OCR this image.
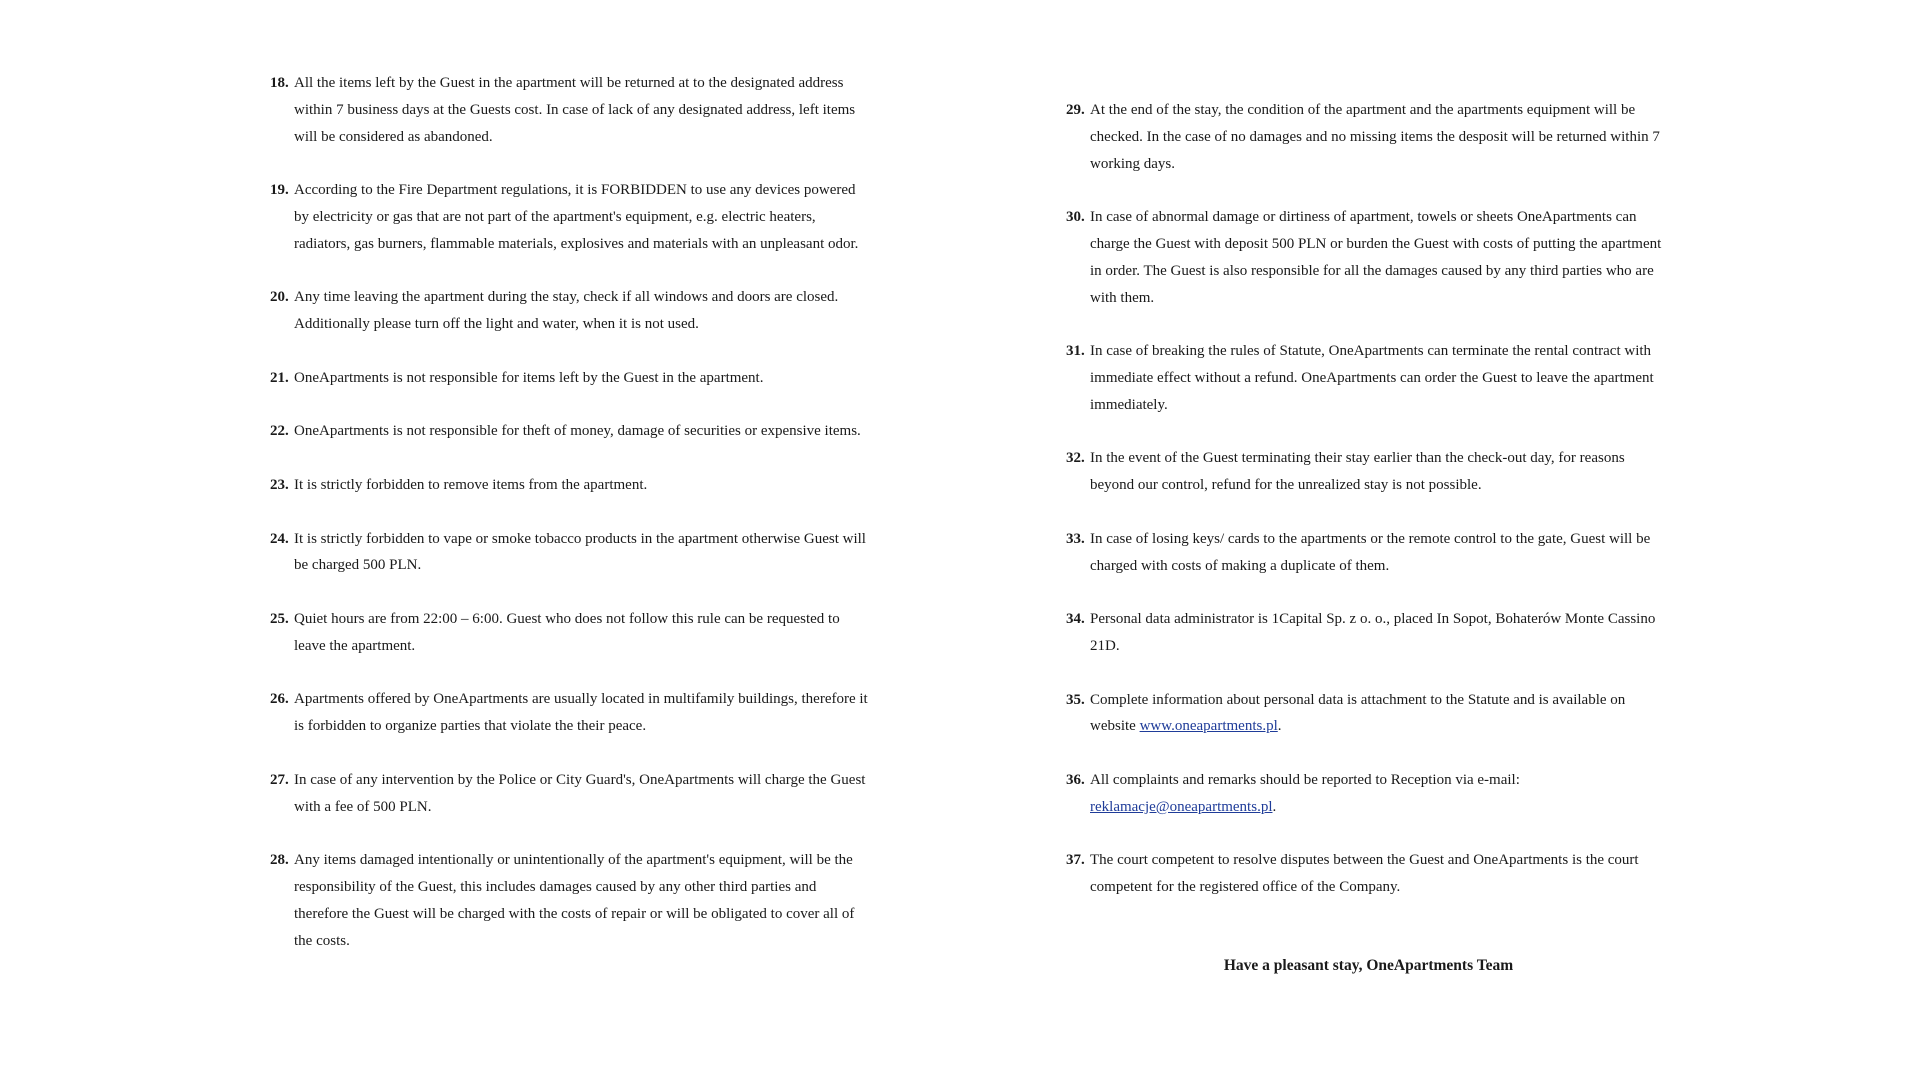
18. All the items left by the Guest in the apartment will be returned at to the designated address within 7 business days at the Guests cost. In case of lack of any designated address, left items will be considered as abandoned.
19. According to the Fire Department regulations, it is FORBIDDEN to use any devices powered by electricity or gas that are not part of the apartment's equipment, e.g. electric heaters, radiators, gas burners, flammable materials, explosives and materials with an unpleasant odor.
20. Any time leaving the apartment during the stay, check if all windows and doors are closed. Additionally please turn off the light and water, when it is not used.
21. OneApartments is not responsible for items left by the Guest in the apartment.
22. OneApartments is not responsible for theft of money, damage of securities or expensive items.
23. It is strictly forbidden to remove items from the apartment.
24. It is strictly forbidden to vape or smoke tobacco products in the apartment otherwise Guest will be charged 500 PLN.
25. Quiet hours are from 22:00 – 6:00. Guest who does not follow this rule can be requested to leave the apartment.
26. Apartments offered by OneApartments are usually located in multifamily buildings, therefore it is forbidden to organize parties that violate the their peace.
27. In case of any intervention by the Police or City Guard's, OneApartments will charge the Guest with a fee of 500 PLN.
28. Any items damaged intentionally or unintentionally of the apartment's equipment, will be the responsibility of the Guest, this includes damages caused by any other third parties and therefore the Guest will be charged with the costs of repair or will be obligated to cover all of the costs.
29. At the end of the stay, the condition of the apartment and the apartments equipment will be checked. In the case of no damages and no missing items the desposit will be returned within 7 working days.
30. In case of abnormal damage or dirtiness of apartment, towels or sheets OneApartments can charge the Guest with deposit 500 PLN or burden the Guest with costs of putting the apartment in order. The Guest is also responsible for all the damages caused by any third parties who are with them.
31. In case of breaking the rules of Statute, OneApartments can terminate the rental contract with immediate effect without a refund. OneApartments can order the Guest to leave the apartment immediately.
32. In the event of the Guest terminating their stay earlier than the check-out day, for reasons beyond our control, refund for the unrealized stay is not possible.
33. In case of losing keys/ cards to the apartments or the remote control to the gate, Guest will be charged with costs of making a duplicate of them.
34. Personal data administrator is 1Capital Sp. z o. o., placed In Sopot, Bohaterów Monte Cassino 21D.
35. Complete information about personal data is attachment to the Statute and is available on website www.oneapartments.pl.
36. All complaints and remarks should be reported to Reception via e-mail: reklamacje@oneapartments.pl.
37. The court competent to resolve disputes between the Guest and OneApartments is the court competent for the registered office of the Company.
Have a pleasant stay, OneApartments Team
